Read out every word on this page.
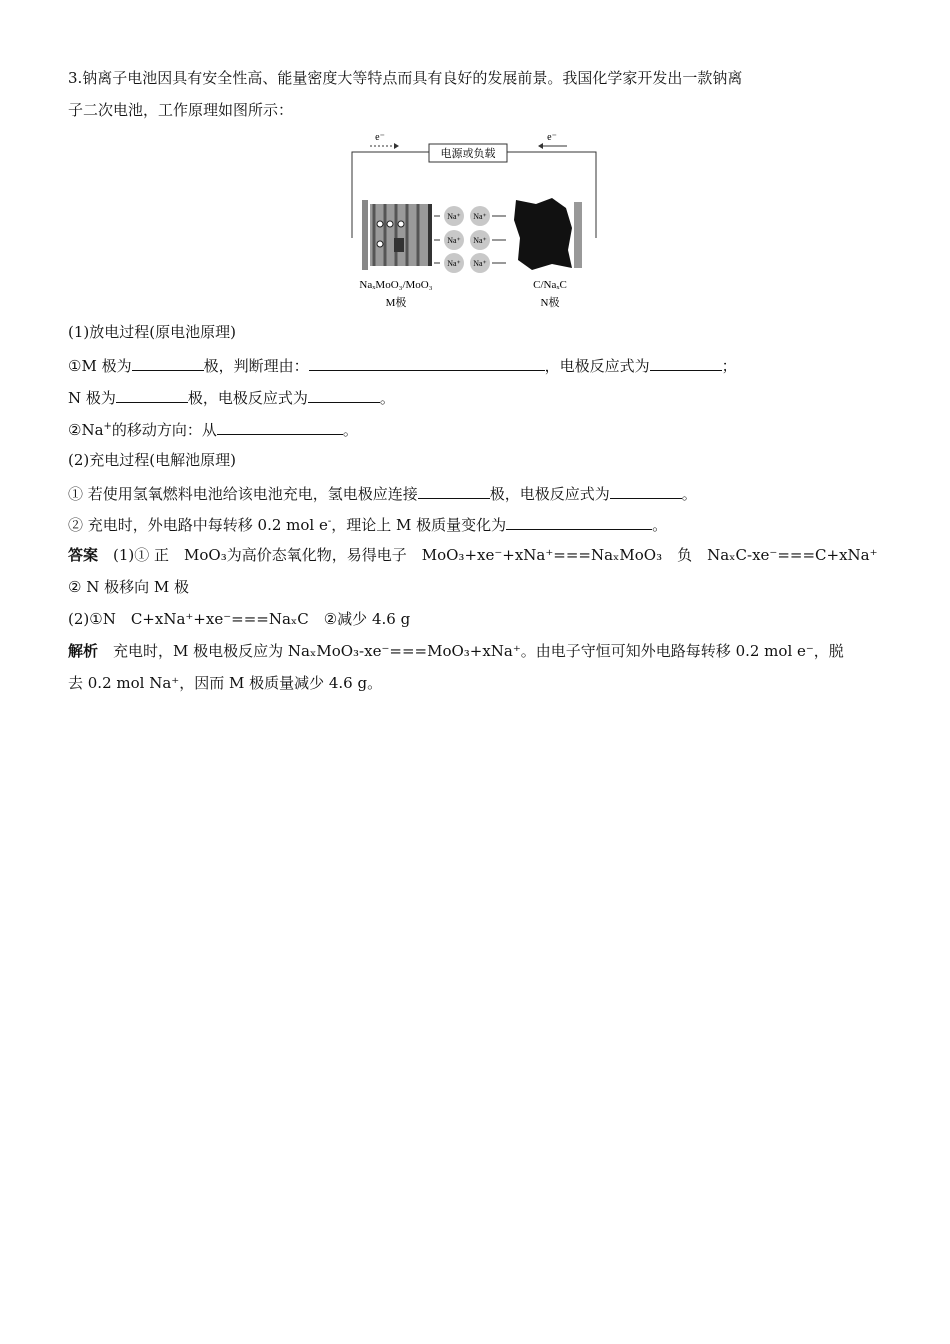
3.钠离子电池因具有安全性高、能量密度大等特点而具有良好的发展前景。我国化学家开发出一款钠离
子二次电池，工作原理如图所示：
电源或负载
e⁻	e⁻
Na⁺ Na⁺
Na⁺ Na⁺
Na⁺ Na⁺
NaₓMoO₃/MoO₃
M极
C/NaₓC
N极
(1)放电过程(原电池原理)
①M 极为	极，判断理由：	，电极反应式为	；
N 极为	极，电极反应式为	。
②Na+的移动方向：从	。
(2)充电过程(电解池原理)
① 若使用氢氧燃料电池给该电池充电，氢电极应连接	极，电极反应式为	。
② 充电时，外电路中每转移 0.2 mol e-，理论上 M 极质量变化为	。
答案　 (1)① 正　MoO₃为高价态氧化物，易得电子　MoO₃+xe⁻+xNa⁺===NaₓMoO₃　负　NaₓC-xe⁻===C+xNa⁺
② N 极移向 M 极
(2)①N　C+xNa⁺+xe⁻===NaₓC　②减少 4.6 g
解析　 充电时，M 极电极反应为 NaₓMoO₃-xe⁻===MoO₃+xNa⁺。由电子守恒可知外电路每转移 0.2 mol e⁻，脱
去 0.2 mol Na⁺，因而 M 极质量减少 4.6 g。
